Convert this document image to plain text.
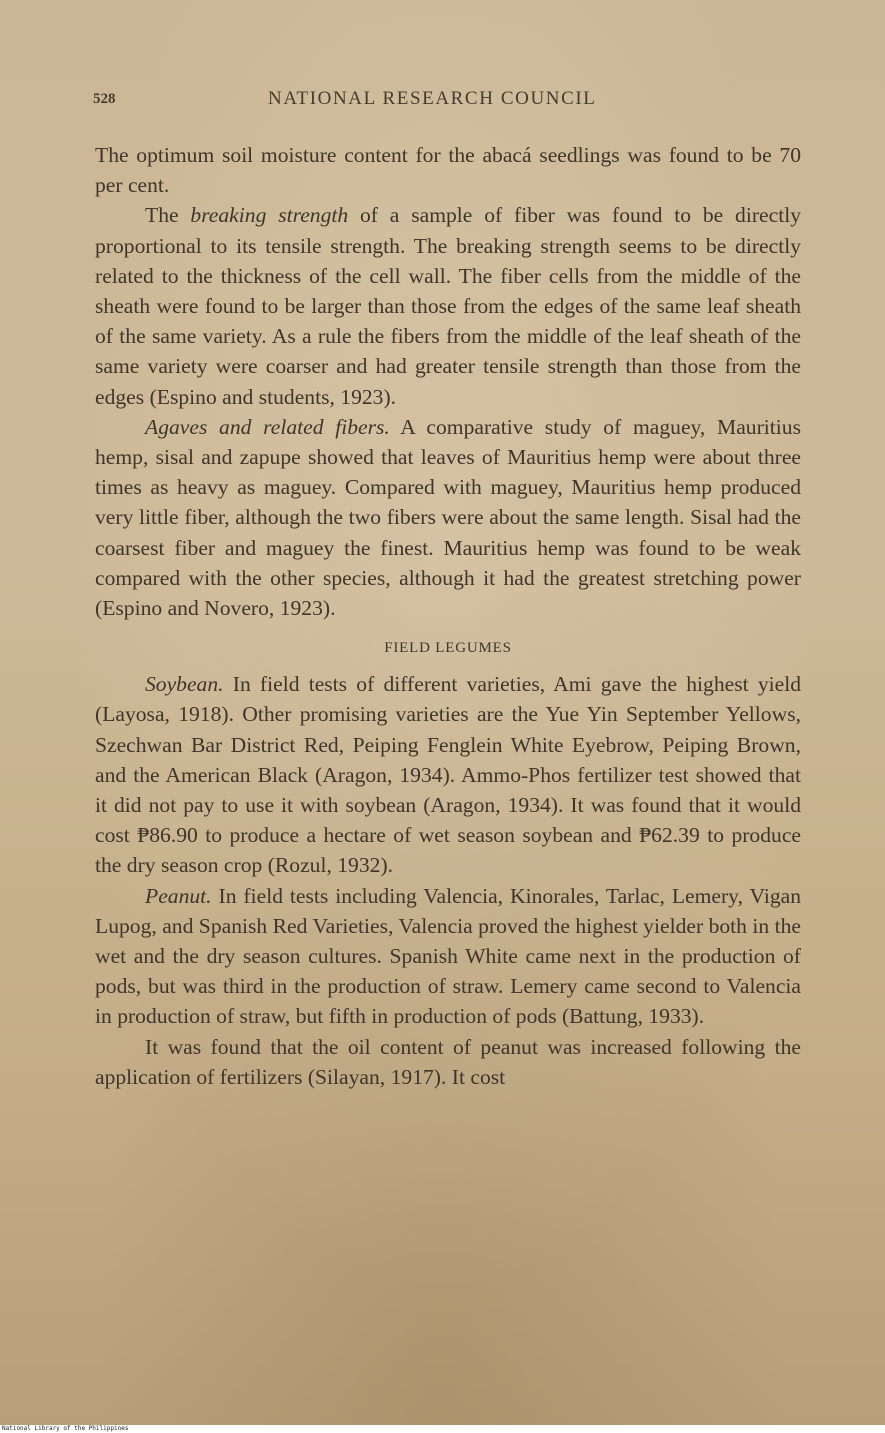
528	NATIONAL RESEARCH COUNCIL

The optimum soil moisture content for the abacá seedlings was found to be 70 per cent.

The breaking strength of a sample of fiber was found to be directly proportional to its tensile strength. The breaking strength seems to be directly related to the thickness of the cell wall. The fiber cells from the middle of the sheath were found to be larger than those from the edges of the same leaf sheath of the same variety. As a rule the fibers from the middle of the leaf sheath of the same variety were coarser and had greater tensile strength than those from the edges (Espino and students, 1923).

Agaves and related fibers. A comparative study of maguey, Mauritius hemp, sisal and zapupe showed that leaves of Mauritius hemp were about three times as heavy as maguey. Compared with maguey, Mauritius hemp produced very little fiber, although the two fibers were about the same length. Sisal had the coarsest fiber and maguey the finest. Mauritius hemp was found to be weak compared with the other species, although it had the greatest stretching power (Espino and Novero, 1923).

FIELD LEGUMES

Soybean. In field tests of different varieties, Ami gave the highest yield (Layosa, 1918). Other promising varieties are the Yue Yin September Yellows, Szechwan Bar District Red, Peiping Fenglein White Eyebrow, Peiping Brown, and the American Black (Aragon, 1934). Ammo-Phos fertilizer test showed that it did not pay to use it with soybean (Aragon, 1934). It was found that it would cost ₱86.90 to produce a hectare of wet season soybean and ₱62.39 to produce the dry season crop (Rozul, 1932).

Peanut. In field tests including Valencia, Kinorales, Tarlac, Lemery, Vigan Lupog, and Spanish Red Varieties, Valencia proved the highest yielder both in the wet and the dry season cultures. Spanish White came next in the production of pods, but was third in the production of straw. Lemery came second to Valencia in production of straw, but fifth in production of pods (Battung, 1933).

It was found that the oil content of peanut was increased following the application of fertilizers (Silayan, 1917). It cost

National Library of the Philippines
